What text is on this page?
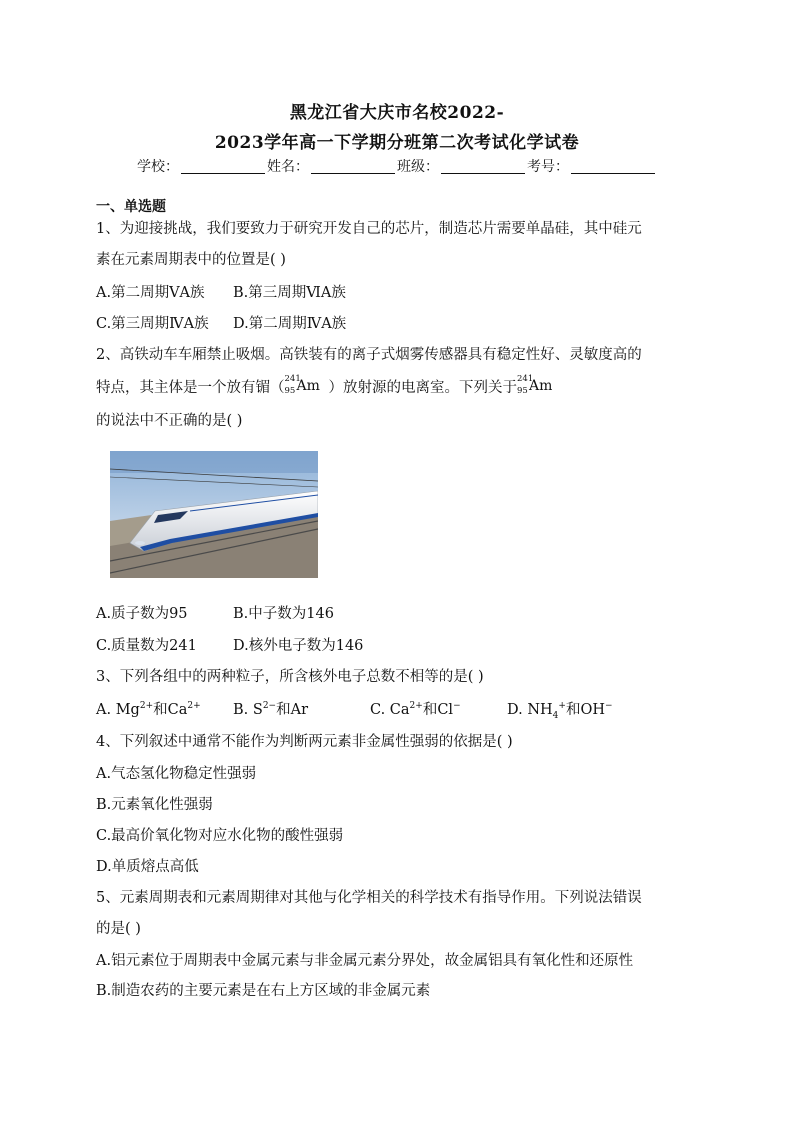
黑龙江省大庆市名校2022-
2023学年高一下学期分班第二次考试化学试卷
学校：	姓名：	班级：	考号：
一、单选题
1、为迎接挑战，我们要致力于研究开发自己的芯片，制造芯片需要单晶硅，其中硅元
素在元素周期表中的位置是( )
A.第二周期ⅤA族 B.第三周期ⅥA族
C.第三周期ⅣA族 D.第二周期ⅣA族
2、高铁动车车厢禁止吸烟。高铁装有的离子式烟雾传感器具有稳定性好、灵敏度高的
特点，其主体是一个放有镅（
241
95 Am ）放射源的电离室。下列关于
241
95 Am
的说法中不正确的是( )
A.质子数为95	B.中子数为146
C.质量数为241 D.核外电子数为146
3、下列各组中的两种粒子，所含核外电子总数不相等的是( )
A. $Mg^{2+}$和$Ca^{2+}$ B. $S^{2-}$和Ar	C. $Ca^{2+}$和Cl−	D. $NH_4^+$和OH−
4、下列叙述中通常不能作为判断两元素非金属性强弱的依据是( )
A.气态氢化物稳定性强弱
B.元素氧化性强弱
C.最高价氧化物对应水化物的酸性强弱
D.单质熔点高低
5、元素周期表和元素周期律对其他与化学相关的科学技术有指导作用。下列说法错误
的是( )
A.铝元素位于周期表中金属元素与非金属元素分界处，故金属铝具有氧化性和还原性
B.制造农药的主要元素是在右上方区域的非金属元素
